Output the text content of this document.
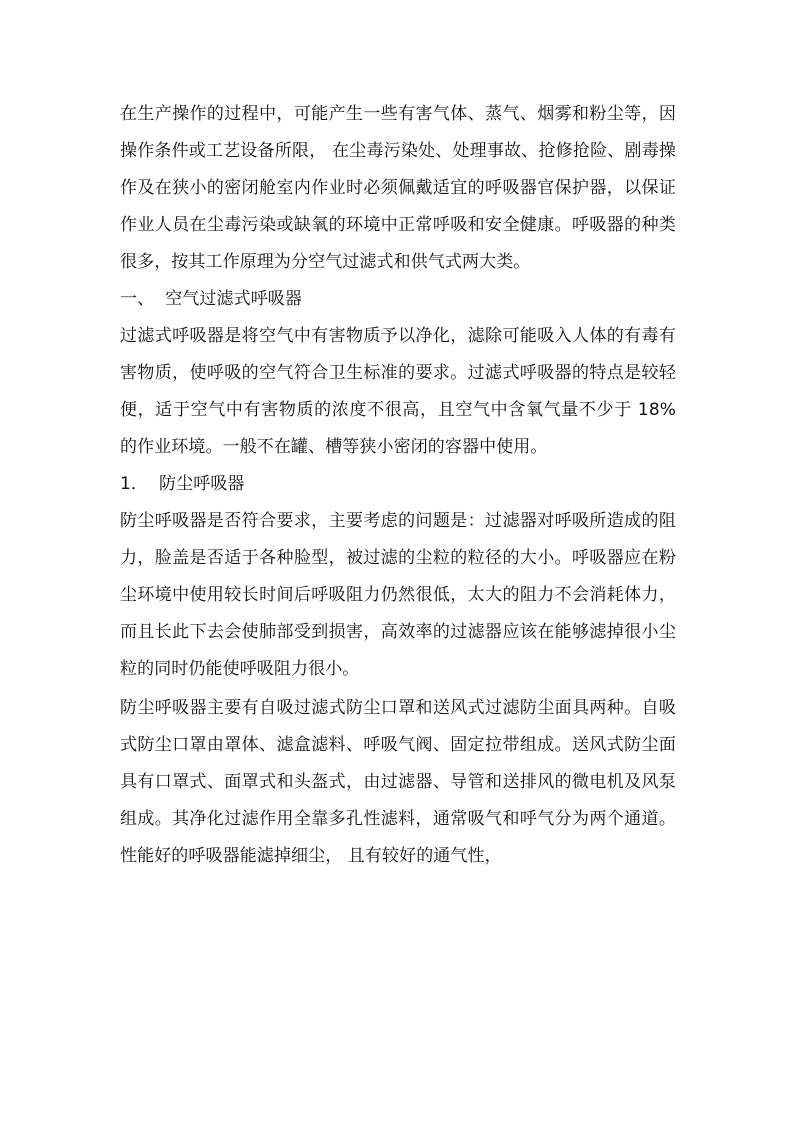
在生产操作的过程中，可能产生一些有害气体、蒸气、烟雾和粉尘等，因操作条件或工艺设备所限， 在尘毒污染处、处理事故、抢修抢险、剧毒操作及在狭小的密闭舱室内作业时必须佩戴适宜的呼吸器官保护器，以保证作业人员在尘毒污染或缺氧的环境中正常呼吸和安全健康。呼吸器的种类很多，按其工作原理为分空气过滤式和供气式两大类。

一、  空气过滤式呼吸器

过滤式呼吸器是将空气中有害物质予以净化，滤除可能吸入人体的有毒有害物质，使呼吸的空气符合卫生标准的要求。过滤式呼吸器的特点是较轻便，适于空气中有害物质的浓度不很高，且空气中含氧气量不少于 18%的作业环境。一般不在罐、槽等狭小密闭的容器中使用。

1．  防尘呼吸器

防尘呼吸器是否符合要求，主要考虑的问题是：过滤器对呼吸所造成的阻力，脸盖是否适于各种脸型，被过滤的尘粒的粒径的大小。呼吸器应在粉尘环境中使用较长时间后呼吸阻力仍然很低，太大的阻力不会消耗体力，而且长此下去会使肺部受到损害，高效率的过滤器应该在能够滤掉很小尘粒的同时仍能使呼吸阻力很小。

防尘呼吸器主要有自吸过滤式防尘口罩和送风式过滤防尘面具两种。自吸式防尘口罩由罩体、滤盒滤料、呼吸气阀、固定拉带组成。送风式防尘面具有口罩式、面罩式和头盔式，由过滤器、导管和送排风的微电机及风泵组成。其净化过滤作用全靠多孔性滤料，通常吸气和呼气分为两个通道。性能好的呼吸器能滤掉细尘， 且有较好的通气性，
